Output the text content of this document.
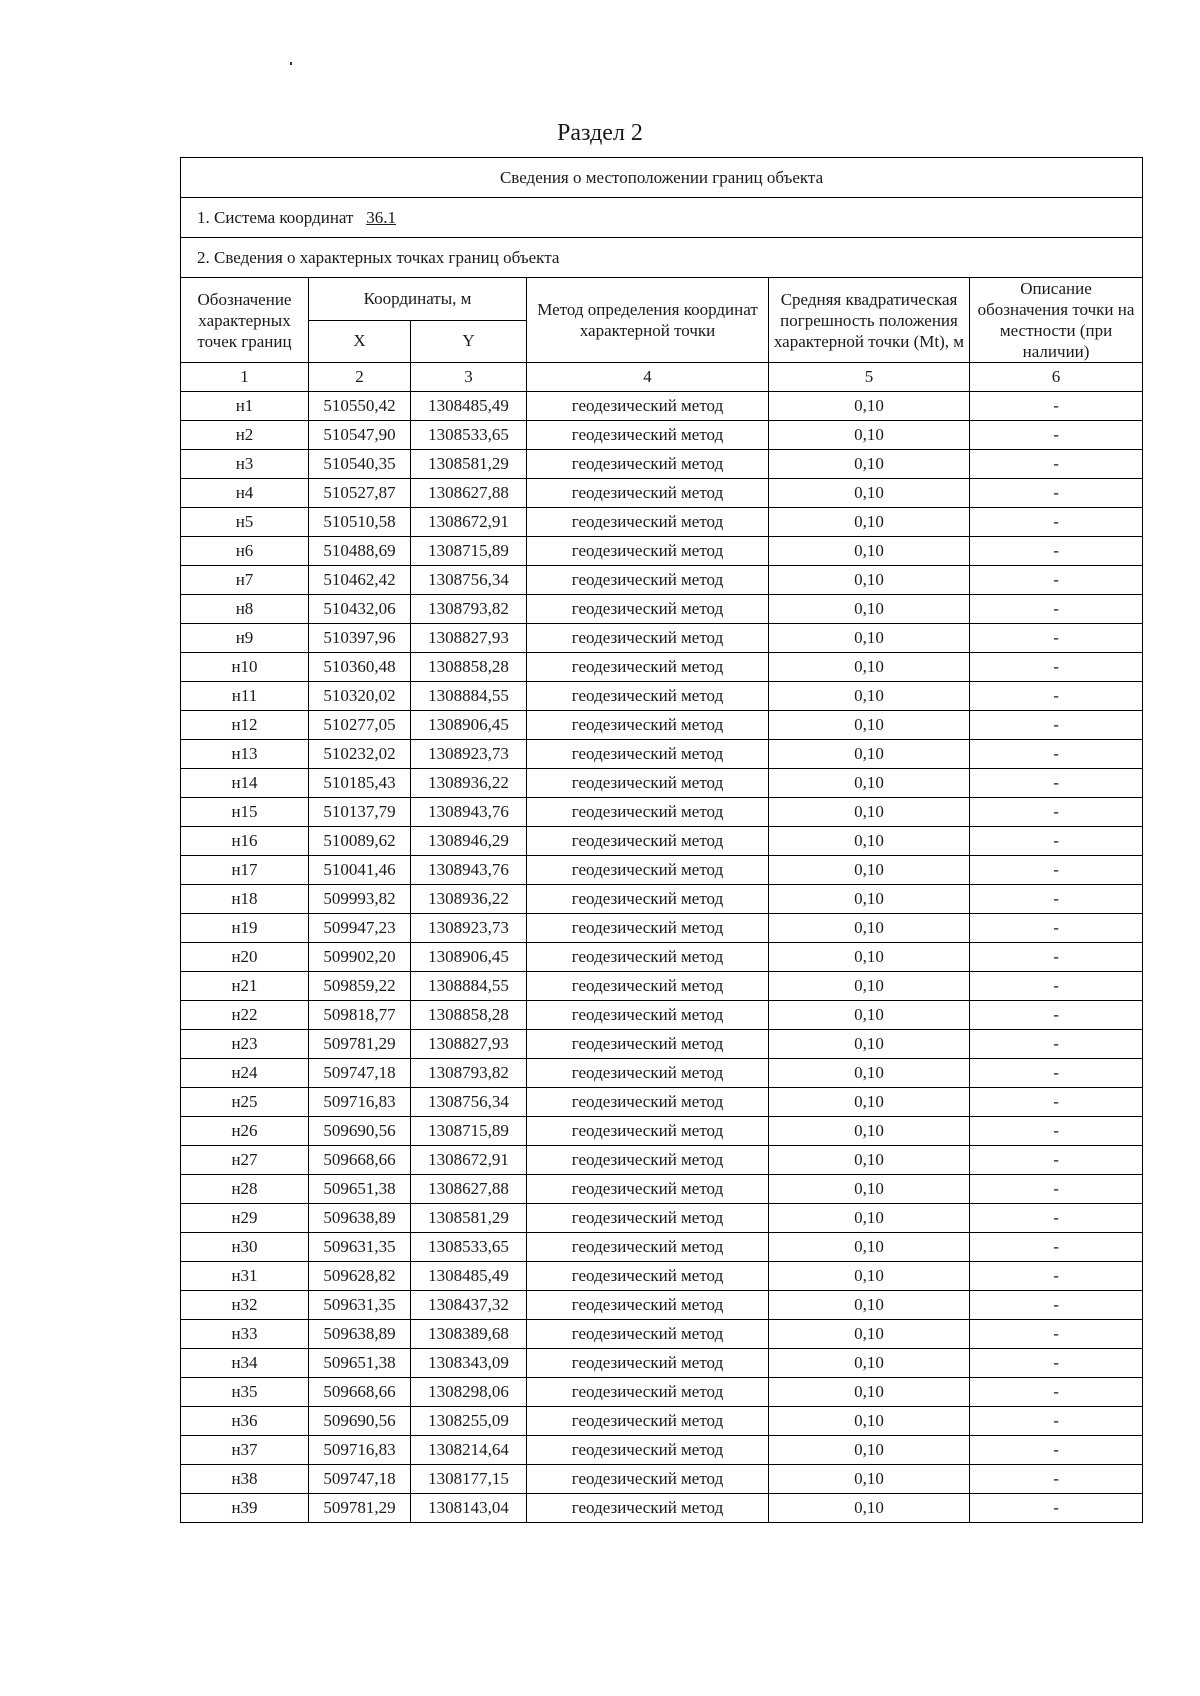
Раздел 2
Сведения о местоположении границ объекта					
1. Система координат 36.1					
2. Сведения о характерных точках границ объекта					
Обозначение характерных точек границ	Координаты, м		Метод определения координат характерной точки	Средняя квадратическая погрешность положения характерной точки (Mt), м	Описание обозначения точки на местности (при наличии)
	X	Y			
1	2	3	4	5	6
н1	510550,42	1308485,49	геодезический метод	0,10	-
н2	510547,90	1308533,65	геодезический метод	0,10	-
н3	510540,35	1308581,29	геодезический метод	0,10	-
н4	510527,87	1308627,88	геодезический метод	0,10	-
н5	510510,58	1308672,91	геодезический метод	0,10	-
н6	510488,69	1308715,89	геодезический метод	0,10	-
н7	510462,42	1308756,34	геодезический метод	0,10	-
н8	510432,06	1308793,82	геодезический метод	0,10	-
н9	510397,96	1308827,93	геодезический метод	0,10	-
н10	510360,48	1308858,28	геодезический метод	0,10	-
н11	510320,02	1308884,55	геодезический метод	0,10	-
н12	510277,05	1308906,45	геодезический метод	0,10	-
н13	510232,02	1308923,73	геодезический метод	0,10	-
н14	510185,43	1308936,22	геодезический метод	0,10	-
н15	510137,79	1308943,76	геодезический метод	0,10	-
н16	510089,62	1308946,29	геодезический метод	0,10	-
н17	510041,46	1308943,76	геодезический метод	0,10	-
н18	509993,82	1308936,22	геодезический метод	0,10	-
н19	509947,23	1308923,73	геодезический метод	0,10	-
н20	509902,20	1308906,45	геодезический метод	0,10	-
н21	509859,22	1308884,55	геодезический метод	0,10	-
н22	509818,77	1308858,28	геодезический метод	0,10	-
н23	509781,29	1308827,93	геодезический метод	0,10	-
н24	509747,18	1308793,82	геодезический метод	0,10	-
н25	509716,83	1308756,34	геодезический метод	0,10	-
н26	509690,56	1308715,89	геодезический метод	0,10	-
н27	509668,66	1308672,91	геодезический метод	0,10	-
н28	509651,38	1308627,88	геодезический метод	0,10	-
н29	509638,89	1308581,29	геодезический метод	0,10	-
н30	509631,35	1308533,65	геодезический метод	0,10	-
н31	509628,82	1308485,49	геодезический метод	0,10	-
н32	509631,35	1308437,32	геодезический метод	0,10	-
н33	509638,89	1308389,68	геодезический метод	0,10	-
н34	509651,38	1308343,09	геодезический метод	0,10	-
н35	509668,66	1308298,06	геодезический метод	0,10	-
н36	509690,56	1308255,09	геодезический метод	0,10	-
н37	509716,83	1308214,64	геодезический метод	0,10	-
н38	509747,18	1308177,15	геодезический метод	0,10	-
н39	509781,29	1308143,04	геодезический метод	0,10	-
